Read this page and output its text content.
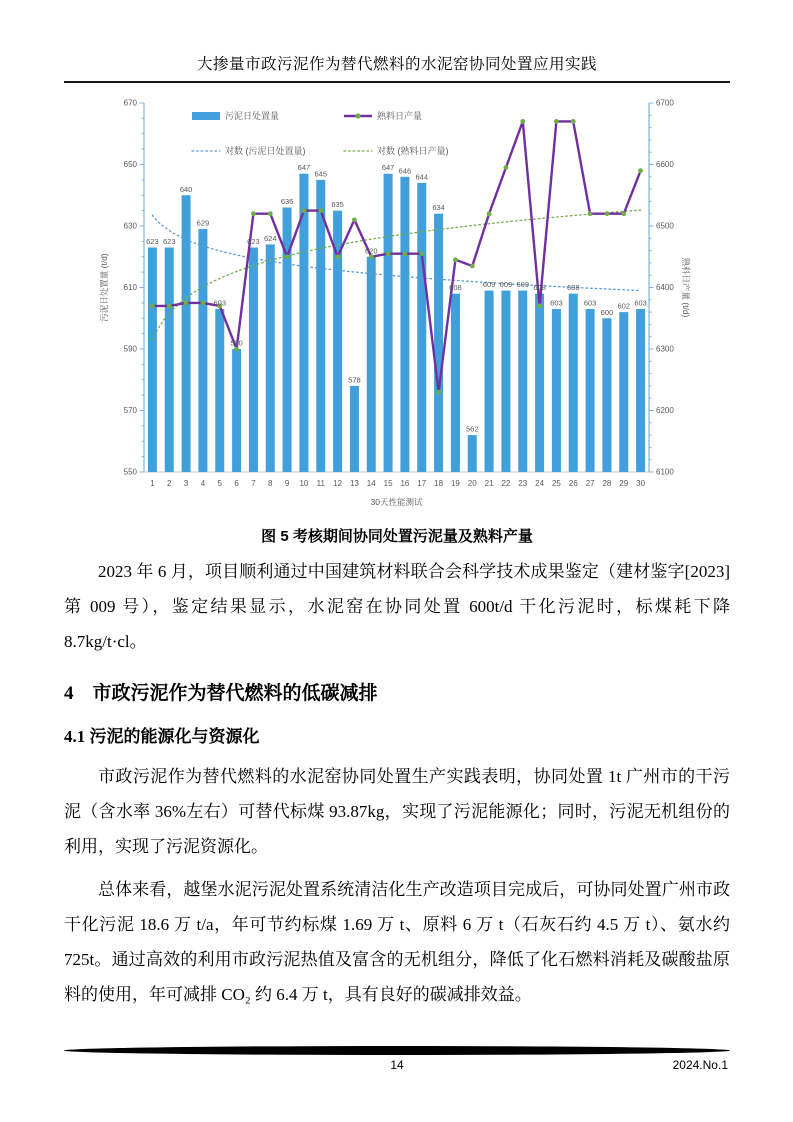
大掺量市政污泥作为替代燃料的水泥窑协同处置应用实践
550
570
590
610
630
650
670
6100
6200
6300
6400
6500
6600
6700
1 2 3 4 5 6 7 8 9 10 11 12 13 14 15 16 17 18 19 20 21 22 23 24 25 26 27 28 29 30
30天性能测试
污泥日处置量 (t/d)	熟料日产量 (t/d)
623 623
640
629
603
590
623 624
636
647
645
635
578
620
647 646
644
634
608
562
609 609 609 608
603
608
603
600
602 603
污泥日处置量	熟料日产量
对数 (污泥日处置量)	对数 (熟料日产量)
图 5 考核期间协同处置污泥量及熟料产量

2023 年 6 月，项目顺利通过中国建筑材料联合会科学技术成果鉴定（建材鉴字[2023]第 009 号），鉴定结果显示，水泥窑在协同处置 600t/d 干化污泥时，标煤耗下降 8.7kg/t·cl。

4　市政污泥作为替代燃料的低碳减排
4.1 污泥的能源化与资源化

市政污泥作为替代燃料的水泥窑协同处置生产实践表明，协同处置 1t 广州市的干污泥（含水率 36%左右）可替代标煤 93.87kg，实现了污泥能源化；同时，污泥无机组份的利用，实现了污泥资源化。

总体来看，越堡水泥污泥处置系统清洁化生产改造项目完成后，可协同处置广州市政干化污泥 18.6 万 t/a，年可节约标煤 1.69 万 t、原料 6 万 t（石灰石约 4.5 万 t）、氨水约 725t。通过高效的利用市政污泥热值及富含的无机组分，降低了化石燃料消耗及碳酸盐原料的使用，年可减排 CO₂ 约 6.4 万 t，具有良好的碳减排效益。

14	2024.No.1
